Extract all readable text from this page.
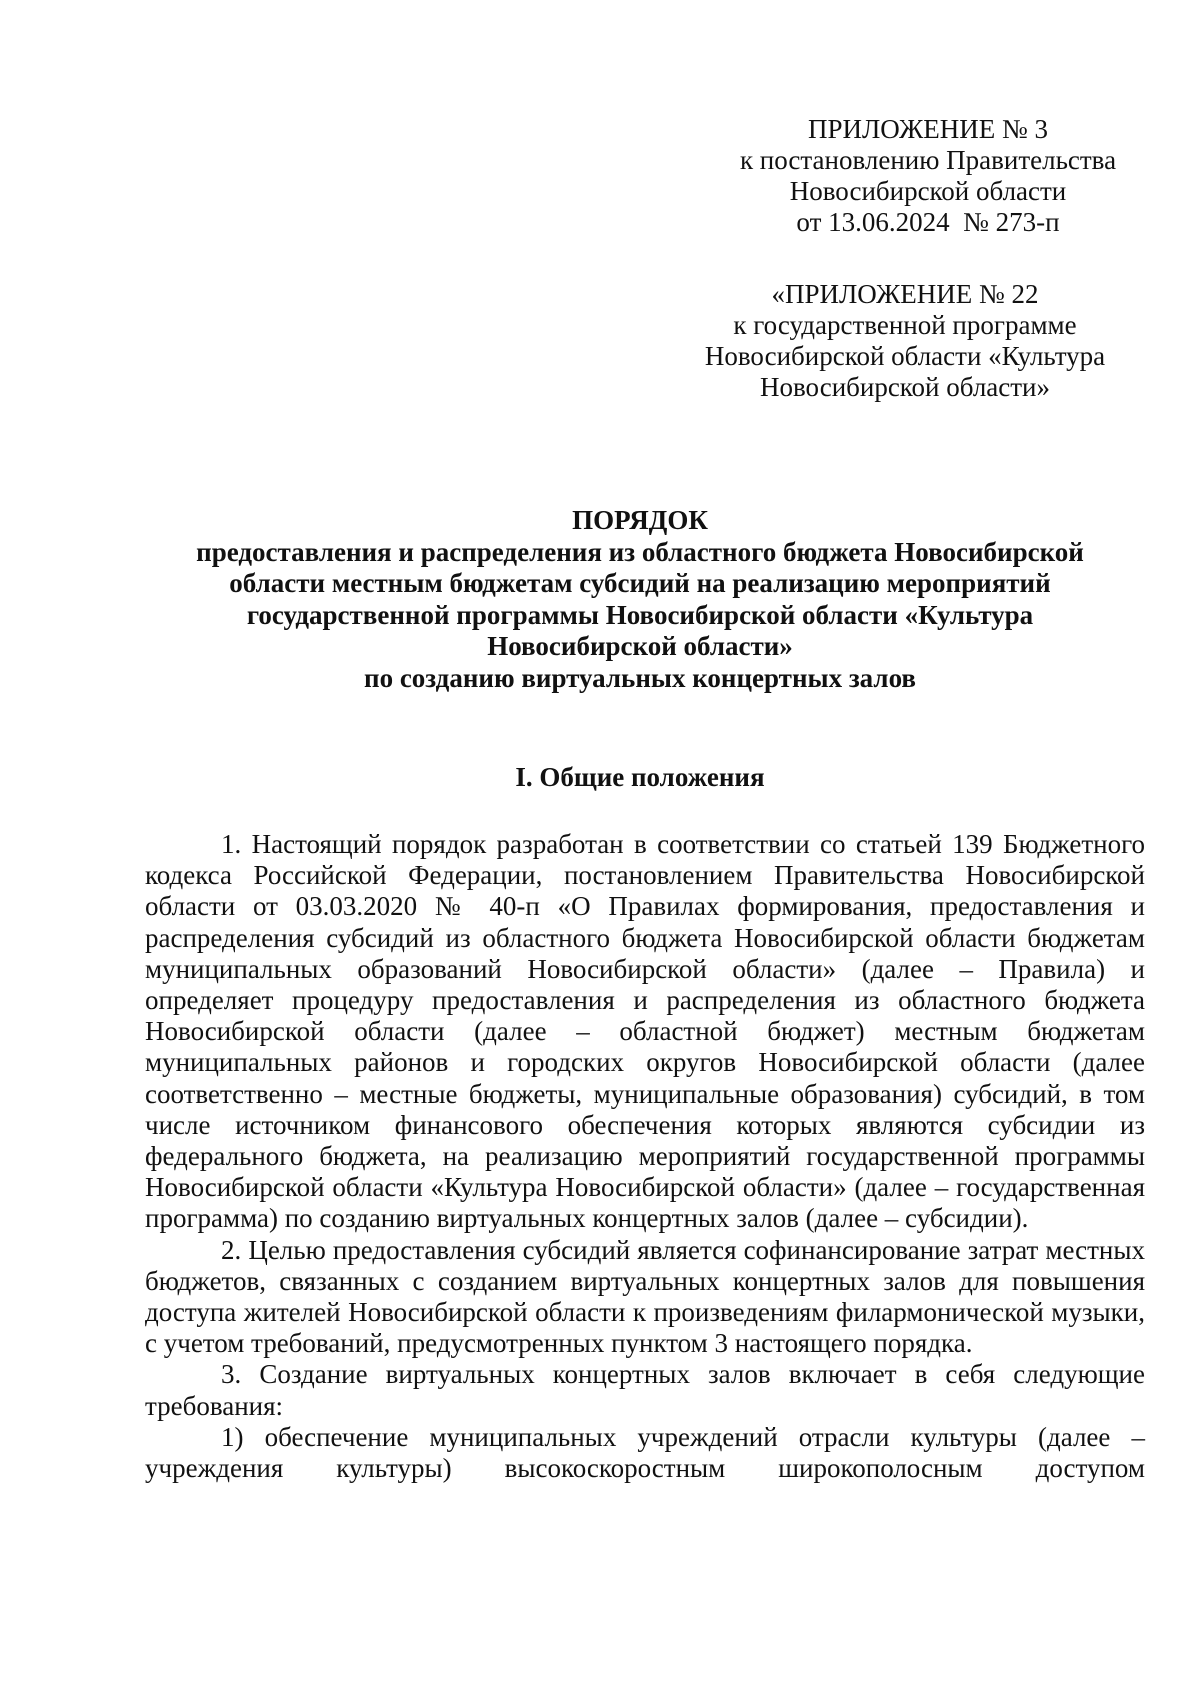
ПРИЛОЖЕНИЕ № 3
к постановлению Правительства
Новосибирской области
от 13.06.2024  № 273-п
«ПРИЛОЖЕНИЕ № 22
к государственной программе
Новосибирской области «Культура
Новосибирской области»
ПОРЯДОК
предоставления и распределения из областного бюджета Новосибирской
области местным бюджетам субсидий на реализацию мероприятий
государственной программы Новосибирской области «Культура
Новосибирской области»
по созданию виртуальных концертных залов
I. Общие положения

1. Настоящий порядок разработан в соответствии со статьей 139 Бюджетного кодекса Российской Федерации, постановлением Правительства Новосибирской области от 03.03.2020 № 40-п «О Правилах формирования, предоставления и распределения субсидий из областного бюджета Новосибирской области бюджетам муниципальных образований Новосибирской области» (далее – Правила) и определяет процедуру предоставления и распределения из областного бюджета Новосибирской области (далее – областной бюджет) местным бюджетам муниципальных районов и городских округов Новосибирской области (далее соответственно – местные бюджеты, муниципальные образования) субсидий, в том числе источником финансового обеспечения которых являются субсидии из федерального бюджета, на реализацию мероприятий государственной программы Новосибирской области «Культура Новосибирской области» (далее – государственная программа) по созданию виртуальных концертных залов (далее – субсидии).

2. Целью предоставления субсидий является софинансирование затрат местных бюджетов, связанных с созданием виртуальных концертных залов для повышения доступа жителей Новосибирской области к произведениям филармонической музыки, с учетом требований, предусмотренных пунктом 3 настоящего порядка.

3. Создание виртуальных концертных залов включает в себя следующие требования:

1) обеспечение муниципальных учреждений отрасли культуры (далее – учреждения культуры) высокоскоростным широкополосным доступом
